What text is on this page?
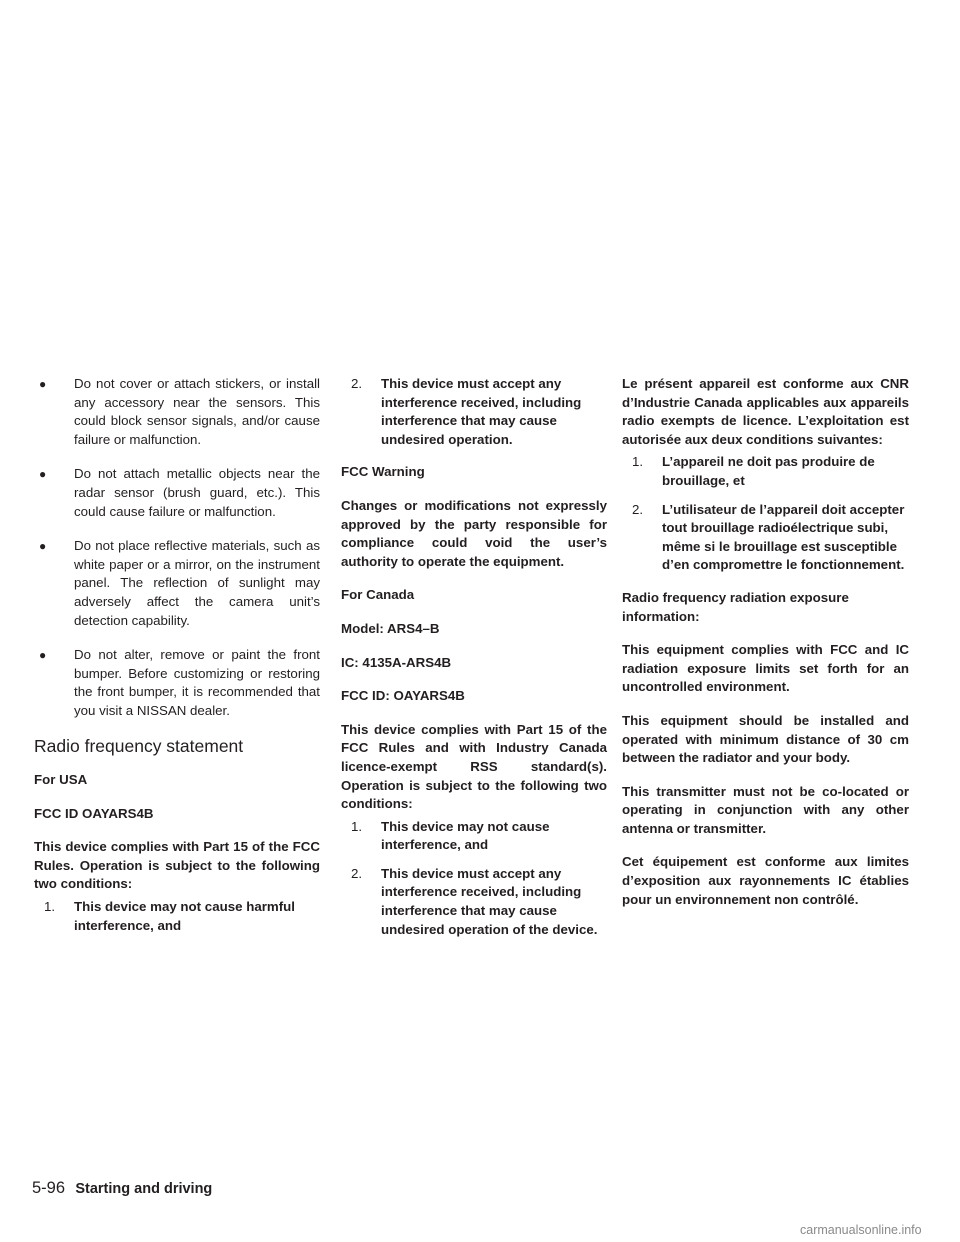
● Do not cover or attach stickers, or install any accessory near the sensors. This could block sensor signals, and/or cause failure or malfunction.
● Do not attach metallic objects near the radar sensor (brush guard, etc.). This could cause failure or malfunction.
● Do not place reflective materials, such as white paper or a mirror, on the instrument panel. The reflection of sunlight may adversely affect the camera unit’s detection capability.
● Do not alter, remove or paint the front bumper. Before customizing or restoring the front bumper, it is recommended that you visit a NISSAN dealer.
Radio frequency statement

For USA

FCC ID OAYARS4B

This device complies with Part 15 of the FCC Rules. Operation is subject to the following two conditions:

1. This device may not cause harmful interference, and
2. This device must accept any interference received, including interference that may cause undesired operation.

FCC Warning

Changes or modifications not expressly approved by the party responsible for compliance could void the user’s authority to operate the equipment.

For Canada

Model: ARS4–B

IC: 4135A-ARS4B

FCC ID: OAYARS4B

This device complies with Part 15 of the FCC Rules and with Industry Canada licence-exempt RSS standard(s). Operation is subject to the following two conditions:

1. This device may not cause interference, and
2. This device must accept any interference received, including interference that may cause undesired operation of the device.

Le présent appareil est conforme aux CNR d’Industrie Canada applicables aux appareils radio exempts de licence. L’exploitation est autorisée aux deux conditions suivantes:

1. L’appareil ne doit pas produire de brouillage, et
2. L’utilisateur de l’appareil doit accepter tout brouillage radioélectrique subi, même si le brouillage est susceptible d’en compromettre le fonctionnement.

Radio frequency radiation exposure information:

This equipment complies with FCC and IC radiation exposure limits set forth for an uncontrolled environment.

This equipment should be installed and operated with minimum distance of 30 cm between the radiator and your body.

This transmitter must not be co-located or operating in conjunction with any other antenna or transmitter.

Cet équipement est conforme aux limites d’exposition aux rayonnements IC établies pour un environnement non contrôlé.

5-96 Starting and driving
carmanualsonline.info
